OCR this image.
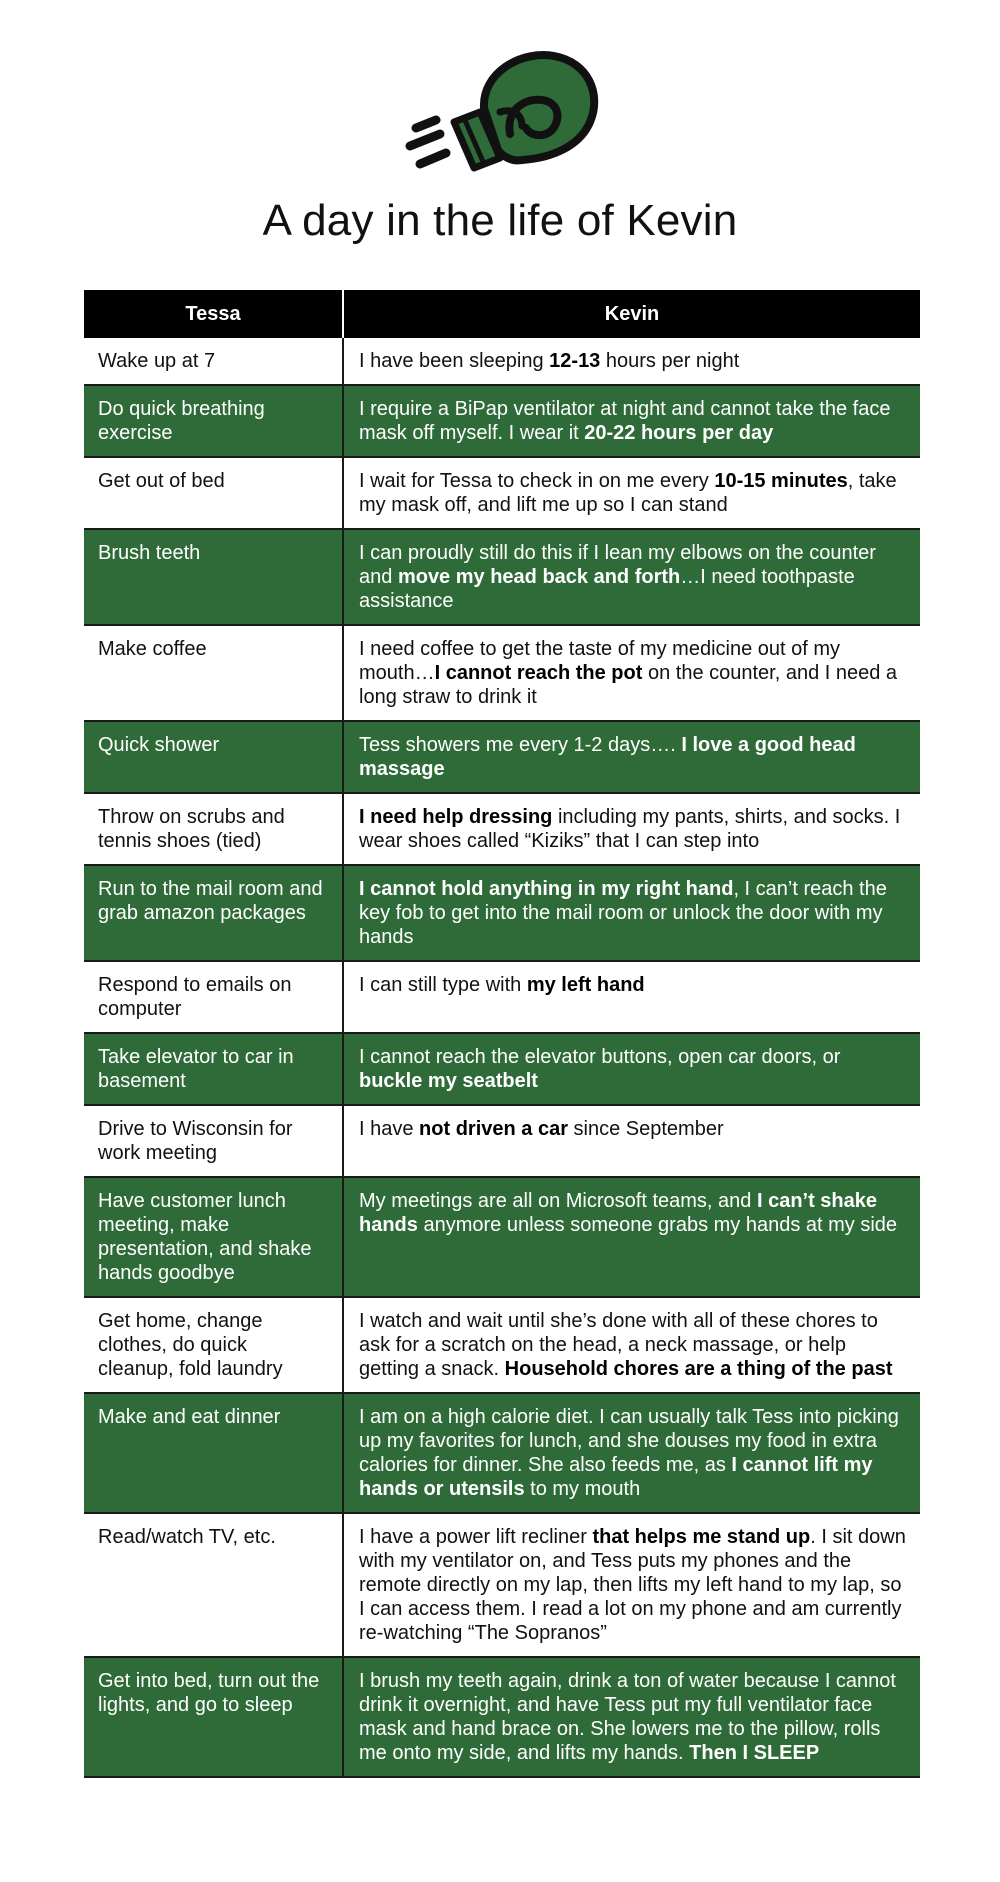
A day in the life of Kevin
Tessa	Kevin
Wake up at 7	I have been sleeping 12-13 hours per night
Do quick breathing exercise	I require a BiPap ventilator at night and cannot take the face mask off myself. I wear it 20-22 hours per day
Get out of bed	I wait for Tessa to check in on me every 10-15 minutes, take my mask off, and lift me up so I can stand
Brush teeth	I can proudly still do this if I lean my elbows on the counter and move my head back and forth…I need toothpaste assistance
Make coffee	I need coffee to get the taste of my medicine out of my mouth…I cannot reach the pot on the counter, and I need a long straw to drink it
Quick shower	Tess showers me every 1-2 days…. I love a good head massage
Throw on scrubs and tennis shoes (tied)	I need help dressing including my pants, shirts, and socks. I wear shoes called “Kiziks” that I can step into
Run to the mail room and grab amazon packages	I cannot hold anything in my right hand, I can’t reach the key fob to get into the mail room or unlock the door with my hands
Respond to emails on computer	I can still type with my left hand
Take elevator to car in basement	I cannot reach the elevator buttons, open car doors, or buckle my seatbelt
Drive to Wisconsin for work meeting	I have not driven a car since September
Have customer lunch meeting, make presentation, and shake hands goodbye	My meetings are all on Microsoft teams, and I can’t shake hands anymore unless someone grabs my hands at my side
Get home, change clothes, do quick cleanup, fold laundry	I watch and wait until she’s done with all of these chores to ask for a scratch on the head, a neck massage, or help getting a snack. Household chores are a thing of the past
Make and eat dinner	I am on a high calorie diet. I can usually talk Tess into picking up my favorites for lunch, and she douses my food in extra calories for dinner. She also feeds me, as I cannot lift my hands or utensils to my mouth
Read/watch TV, etc.	I have a power lift recliner that helps me stand up. I sit down with my ventilator on, and Tess puts my phones and the remote directly on my lap, then lifts my left hand to my lap, so I can access them. I read a lot on my phone and am currently re-watching “The Sopranos”
Get into bed, turn out the lights, and go to sleep	I brush my teeth again, drink a ton of water because I cannot drink it overnight, and have Tess put my full ventilator face mask and hand brace on. She lowers me to the pillow, rolls me onto my side, and lifts my hands. Then I SLEEP
